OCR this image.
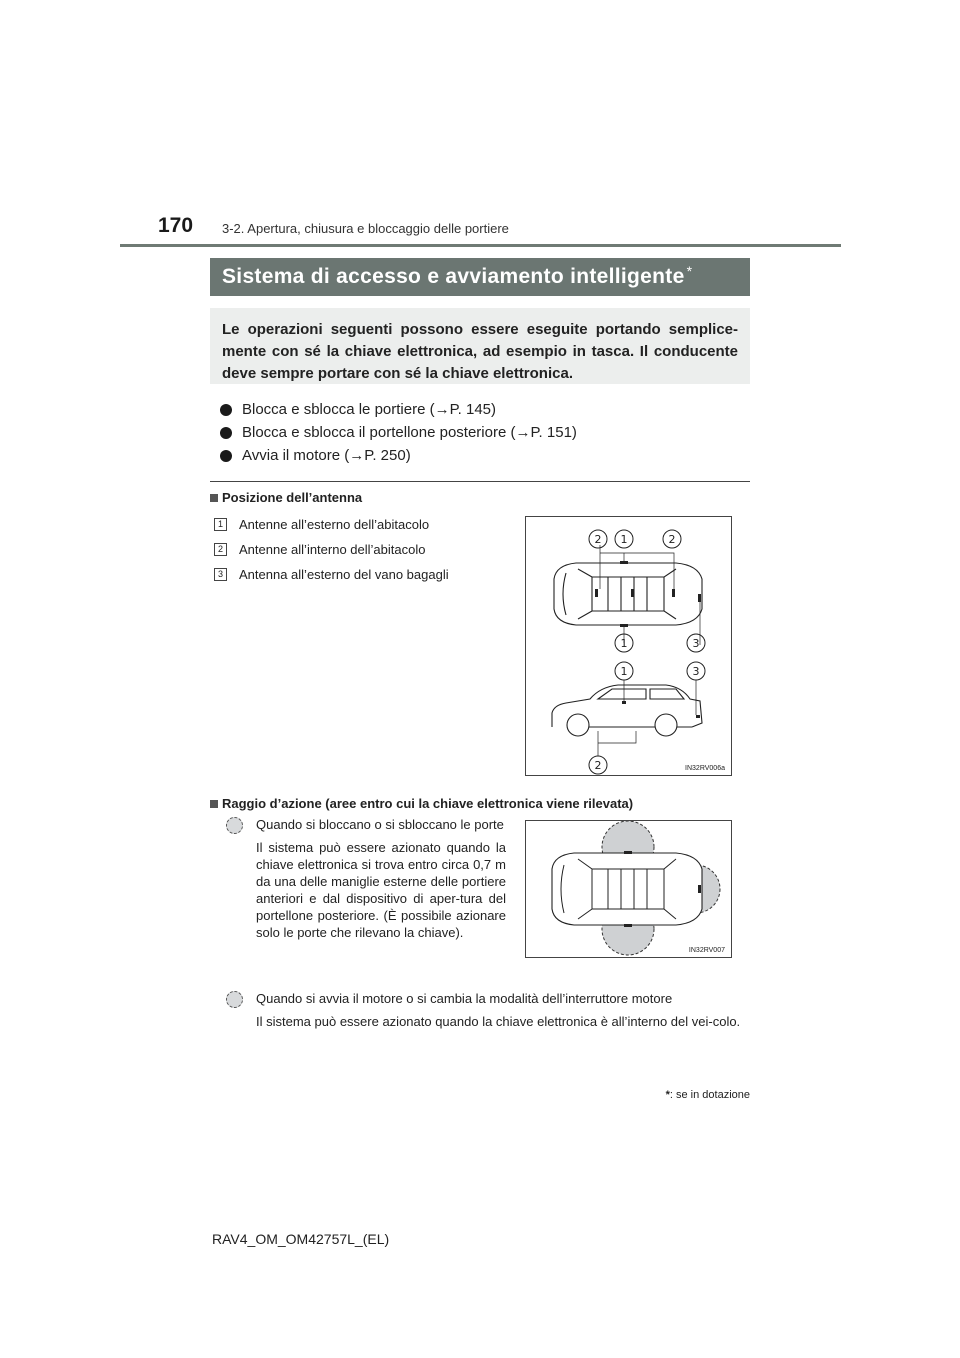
170 3-2. Apertura, chiusura e bloccaggio delle portiere
Sistema di accesso e avviamento intelligente *
Le operazioni seguenti possono essere eseguite portando semplice-mente con sé la chiave elettronica, ad esempio in tasca. Il conducente deve sempre portare con sé la chiave elettronica.
Blocca e sblocca le portiere (→P. 145)
Blocca e sblocca il portellone posteriore (→P. 151)
Avvia il motore (→P. 250)
Posizione dell’antenna
1	Antenne all’esterno dell’abitacolo
2	Antenne all’interno dell’abitacolo
3	Antenna all’esterno del vano bagagli
2 1	2
1	3
1	3
2	IN32RV006a
Raggio d’azione (aree entro cui la chiave elettronica viene rilevata)

Quando si bloccano o si sbloccano le porte

Il sistema può essere azionato quando la chiave elettronica si trova entro circa 0,7 m da una delle maniglie esterne delle portiere anteriori e dal dispositivo di aper-tura del portellone posteriore. (È possibile azionare solo le porte che rilevano la chiave).

IN32RV007

Quando si avvia il motore o si cambia la modalità dell’interruttore motore

Il sistema può essere azionato quando la chiave elettronica è all’interno del vei-colo.

*: se in dotazione
RAV4_OM_OM42757L_(EL)
